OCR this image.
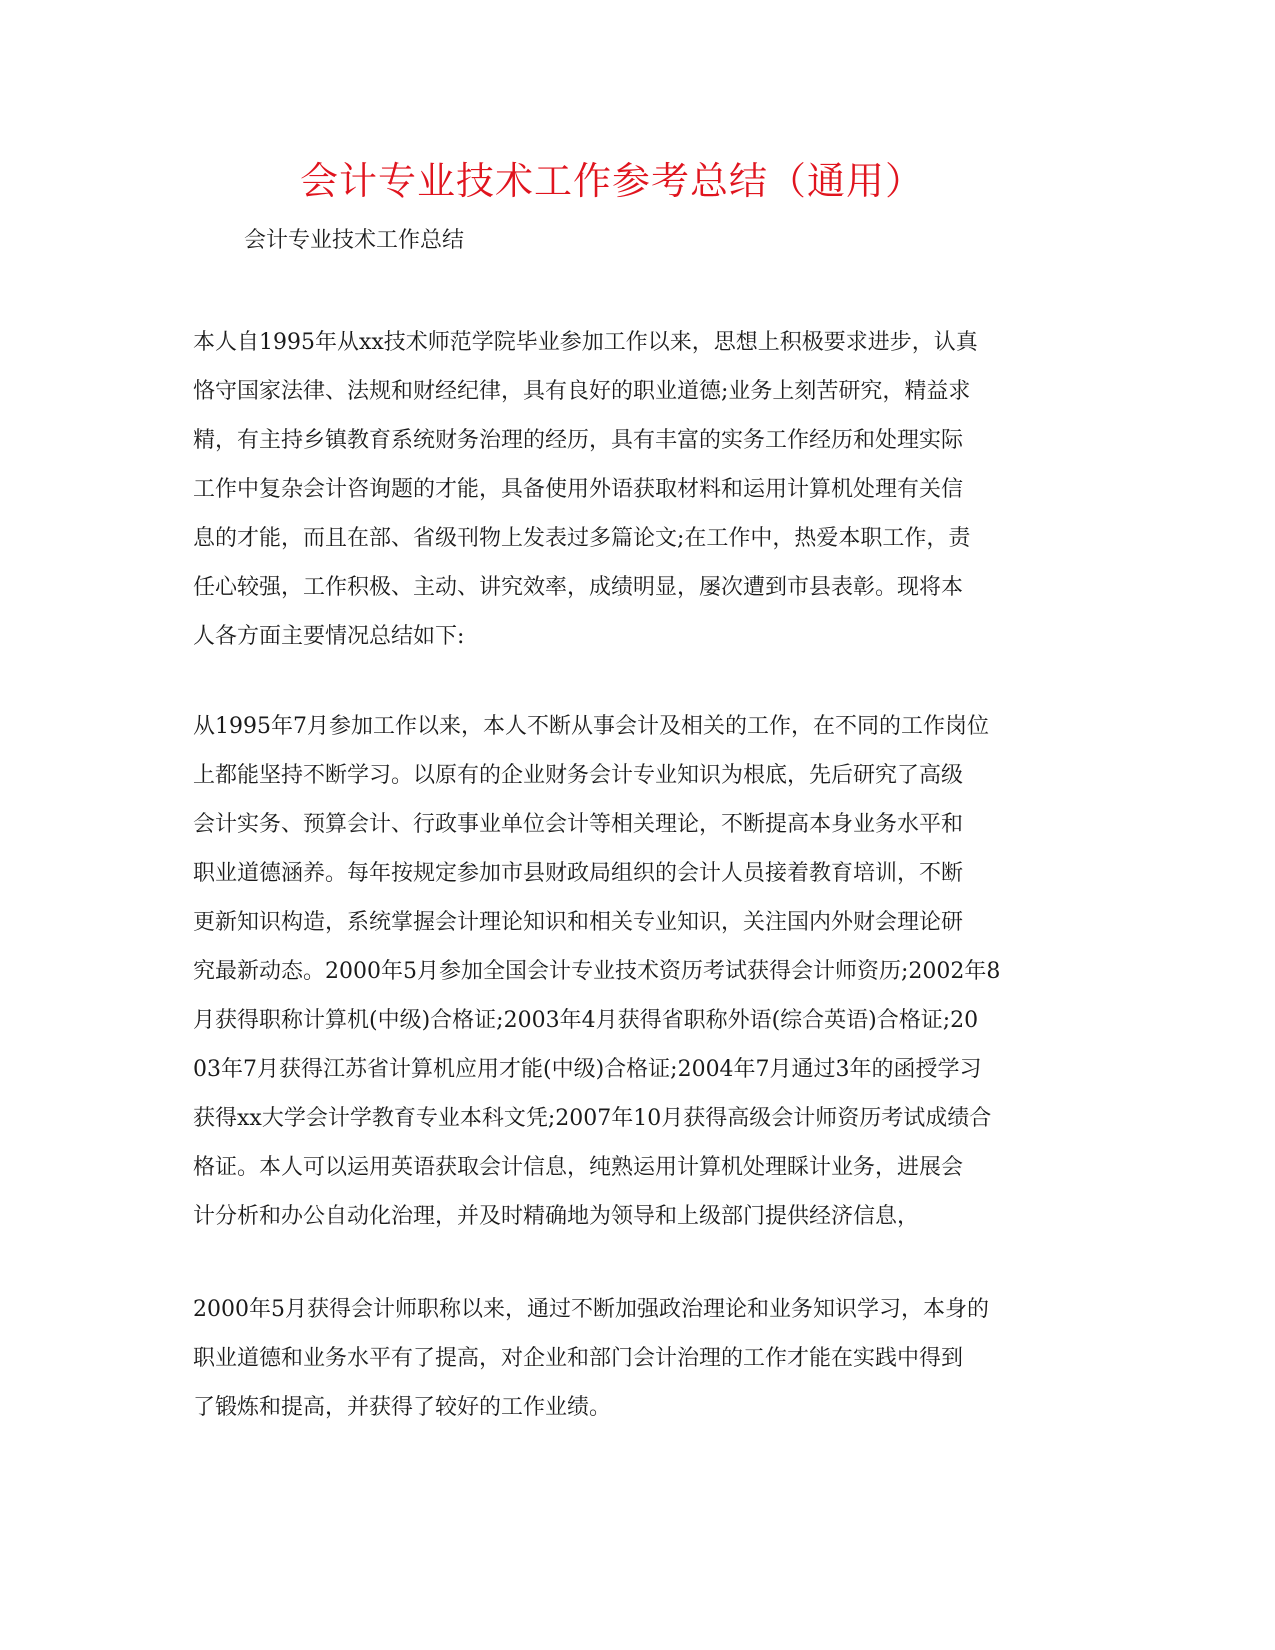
会计专业技术工作参考总结（通用）
会计专业技术工作总结
本人自1995年从xx技术师范学院毕业参加工作以来，思想上积极要求进步，认真
恪守国家法律、法规和财经纪律，具有良好的职业道德;业务上刻苦研究，精益求
精，有主持乡镇教育系统财务治理的经历，具有丰富的实务工作经历和处理实际
工作中复杂会计咨询题的才能，具备使用外语获取材料和运用计算机处理有关信
息的才能，而且在部、省级刊物上发表过多篇论文;在工作中，热爱本职工作，责
任心较强，工作积极、主动、讲究效率，成绩明显，屡次遭到市县表彰。现将本
人各方面主要情况总结如下:
从1995年7月参加工作以来，本人不断从事会计及相关的工作，在不同的工作岗位
上都能坚持不断学习。以原有的企业财务会计专业知识为根底，先后研究了高级
会计实务、预算会计、行政事业单位会计等相关理论，不断提高本身业务水平和
职业道德涵养。每年按规定参加市县财政局组织的会计人员接着教育培训，不断
更新知识构造，系统掌握会计理论知识和相关专业知识，关注国内外财会理论研
究最新动态。2000年5月参加全国会计专业技术资历考试获得会计师资历;2002年8
月获得职称计算机(中级)合格证;2003年4月获得省职称外语(综合英语)合格证;20
03年7月获得江苏省计算机应用才能(中级)合格证;2004年7月通过3年的函授学习
获得xx大学会计学教育专业本科文凭;2007年10月获得高级会计师资历考试成绩合
格证。本人可以运用英语获取会计信息，纯熟运用计算机处理睬计业务，进展会
计分析和办公自动化治理，并及时精确地为领导和上级部门提供经济信息，
2000年5月获得会计师职称以来，通过不断加强政治理论和业务知识学习，本身的
职业道德和业务水平有了提高，对企业和部门会计治理的工作才能在实践中得到
了锻炼和提高，并获得了较好的工作业绩。
